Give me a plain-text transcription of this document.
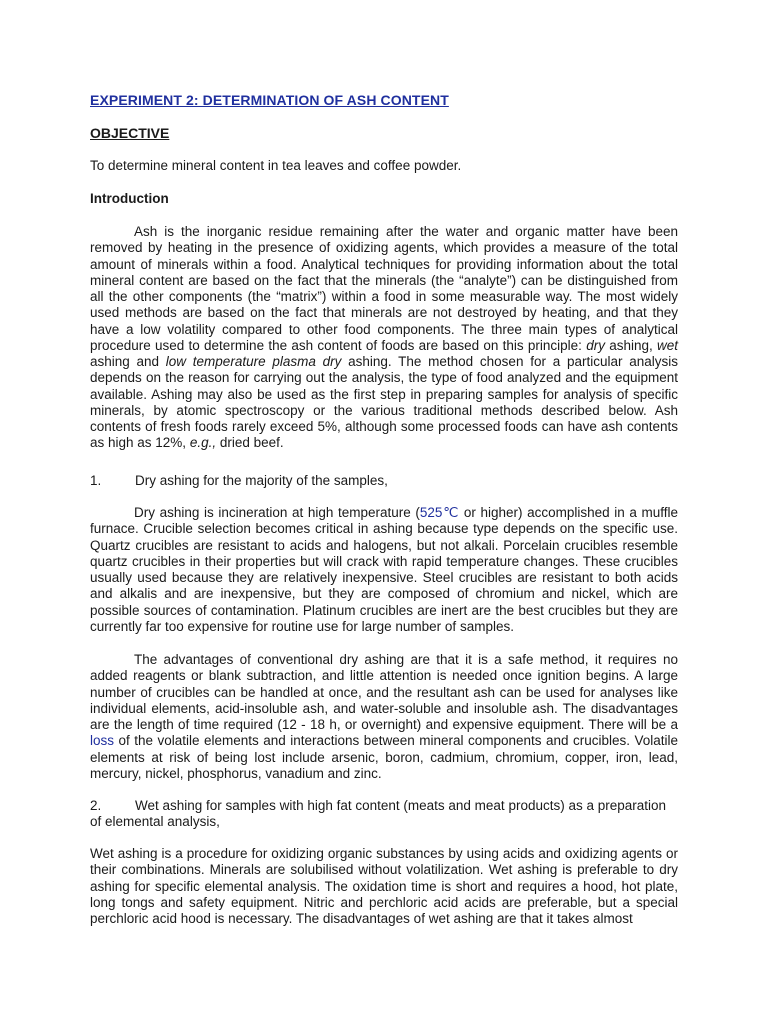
EXPERIMENT 2: DETERMINATION OF ASH CONTENT
OBJECTIVE
To determine mineral content in tea leaves and coffee powder.
Introduction
Ash is the inorganic residue remaining after the water and organic matter have been removed by heating in the presence of oxidizing agents, which provides a measure of the total amount of minerals within a food. Analytical techniques for providing information about the total mineral content are based on the fact that the minerals (the “analyte”) can be distinguished from all the other components (the “matrix”) within a food in some measurable way. The most widely used methods are based on the fact that minerals are not destroyed by heating, and that they have a low volatility compared to other food components. The three main types of analytical procedure used to determine the ash content of foods are based on this principle: dry ashing, wet ashing and low temperature plasma dry ashing. The method chosen for a particular analysis depends on the reason for carrying out the analysis, the type of food analyzed and the equipment available. Ashing may also be used as the first step in preparing samples for analysis of specific minerals, by atomic spectroscopy or the various traditional methods described below. Ash contents of fresh foods rarely exceed 5%, although some processed foods can have ash contents as high as 12%, e.g., dried beef.
1. Dry ashing for the majority of the samples,
Dry ashing is incineration at high temperature (525℃ or higher) accomplished in a muffle furnace. Crucible selection becomes critical in ashing because type depends on the specific use. Quartz crucibles are resistant to acids and halogens, but not alkali. Porcelain crucibles resemble quartz crucibles in their properties but will crack with rapid temperature changes. These crucibles usually used because they are relatively inexpensive. Steel crucibles are resistant to both acids and alkalis and are inexpensive, but they are composed of chromium and nickel, which are possible sources of contamination. Platinum crucibles are inert are the best crucibles but they are currently far too expensive for routine use for large number of samples.
The advantages of conventional dry ashing are that it is a safe method, it requires no added reagents or blank subtraction, and little attention is needed once ignition begins. A large number of crucibles can be handled at once, and the resultant ash can be used for analyses like individual elements, acid-insoluble ash, and water-soluble and insoluble ash. The disadvantages are the length of time required (12 - 18 h, or overnight) and expensive equipment. There will be a loss of the volatile elements and interactions between mineral components and crucibles. Volatile elements at risk of being lost include arsenic, boron, cadmium, chromium, copper, iron, lead, mercury, nickel, phosphorus, vanadium and zinc.
2. Wet ashing for samples with high fat content (meats and meat products) as a preparation of elemental analysis,
Wet ashing is a procedure for oxidizing organic substances by using acids and oxidizing agents or their combinations. Minerals are solubilised without volatilization. Wet ashing is preferable to dry ashing for specific elemental analysis. The oxidation time is short and requires a hood, hot plate, long tongs and safety equipment. Nitric and perchloric acid acids are preferable, but a special perchloric acid hood is necessary. The disadvantages of wet ashing are that it takes almost
